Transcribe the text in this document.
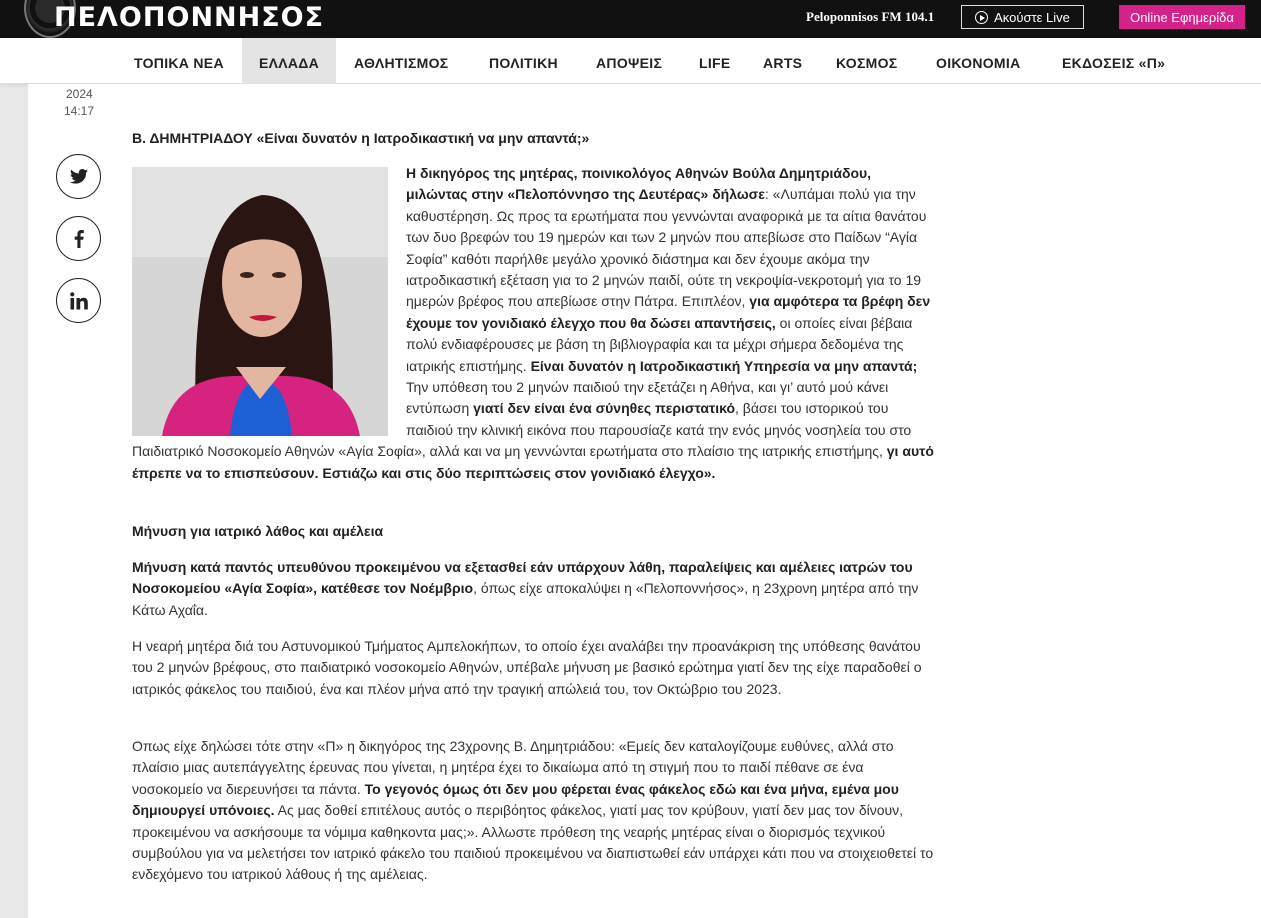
ΠΕΛΟΠΟΝΝΗΣΟΣ	Peloponnisos FM 104.1	Ακούστε Live	Online Εφημερίδα
ΤΟΠΙΚΑ ΝΕΑ	ΕΛΛΑΔΑ	ΑΘΛΗΤΙΣΜΟΣ	ΠΟΛΙΤΙΚΗ	ΑΠΟΨΕΙΣ	LIFE	ARTS	ΚΟΣΜΟΣ	ΟΙΚΟΝΟΜΙΑ	ΕΚΔΟΣΕΙΣ «Π»
2024
14:17
Β. ΔΗΜΗΤΡΙΑΔΟΥ «Είναι δυνατόν η Ιατροδικαστική να μην απαντά;»
Η δικηγόρος της μητέρας, ποινικολόγος Αθηνών Βούλα Δημητριάδου, μιλώντας στην «Πελοπόννησο της Δευτέρας» δήλωσε: «Λυπάμαι πολύ για την καθυστέρηση. Ως προς τα ερωτήματα που γεννώνται αναφορικά με τα αίτια θανάτου των δυο βρεφών του 19 ημερών και των 2 μηνών που απεβίωσε στο Παίδων “Αγία Σοφία” καθότι παρήλθε μεγάλο χρονικό διάστημα και δεν έχουμε ακόμα την ιατροδικαστική εξέταση για το 2 μηνών παιδί, ούτε τη νεκροψία-νεκροτομή για το 19 ημερών βρέφος που απεβίωσε στην Πάτρα. Επιπλέον, για αμφότερα τα βρέφη δεν έχουμε τον γονιδιακό έλεγχο που θα δώσει απαντήσεις, οι οποίες είναι βέβαια πολύ ενδιαφέρουσες με βάση τη βιβλιογραφία και τα μέχρι σήμερα δεδομένα της ιατρικής επιστήμης. Είναι δυνατόν η Ιατροδικαστική Υπηρεσία να μην απαντά; Την υπόθεση του 2 μηνών παιδιού την εξετάζει η Αθήνα, και γι’ αυτό μού κάνει εντύπωση γιατί δεν είναι ένα σύνηθες περιστατικό, βάσει του ιστορικού του παιδιού την κλινική εικόνα που παρουσίαζε κατά την ενός μηνός νοσηλεία του στο Παιδιατρικό Νοσοκομείο Αθηνών «Αγία Σοφία», αλλά και να μη γεννώνται ερωτήματα στο πλαίσιο της ιατρικής επιστήμης, γι αυτό έπρεπε να το επισπεύσουν. Εστιάζω και στις δύο περιπτώσεις στον γονιδιακό έλεγχο».
Μήνυση για ιατρικό λάθος και αμέλεια
Μήνυση κατά παντός υπευθύνου προκειμένου να εξετασθεί εάν υπάρχουν λάθη, παραλείψεις και αμέλειες ιατρών του Νοσοκομείου «Αγία Σοφία», κατέθεσε τον Νοέμβριο, όπως είχε αποκαλύψει η «Πελοποννήσος», η 23χρονη μητέρα από την Κάτω Αχαΐα.
Η νεαρή μητέρα διά του Αστυνομικού Τμήματος Αμπελοκήπων, το οποίο έχει αναλάβει την προανάκριση της υπόθεσης θανάτου του 2 μηνών βρέφους, στο παιδιατρικό νοσοκομείο Αθηνών, υπέβαλε μήνυση με βασικό ερώτημα γιατί δεν της είχε παραδοθεί ο ιατρικός φάκελος του παιδιού, ένα και πλέον μήνα από την τραγική απώλειά του, τον Οκτώβριο του 2023.
Οπως είχε δηλώσει τότε στην «Π» η δικηγόρος της 23χρονης Β. Δημητριάδου: «Εμείς δεν καταλογίζουμε ευθύνες, αλλά στο πλαίσιο μιας αυτεπάγγελτης έρευνας που γίνεται, η μητέρα έχει το δικαίωμα από τη στιγμή που το παιδί πέθανε σε ένα νοσοκομείο να διερευνήσει τα πάντα. Το γεγονός όμως ότι δεν μου φέρεται ένας φάκελος εδώ και ένα μήνα, εμένα μου δημιουργεί υπόνοιες. Ας μας δοθεί επιτέλους αυτός ο περιβόητος φάκελος, γιατί μας τον κρύβουν, γιατί δεν μας τον δίνουν, προκειμένου να ασκήσουμε τα νόμιμα καθηκοντα μας;». Αλλωστε πρόθεση της νεαρής μητέρας είναι ο διορισμός τεχνικού συμβούλου για να μελετήσει τον ιατρικό φάκελο του παιδιού προκειμένου να διαπιστωθεί εάν υπάρχει κάτι που να στοιχειοθετεί το ενδεχόμενο του ιατρικού λάθους ή της αμέλειας.
